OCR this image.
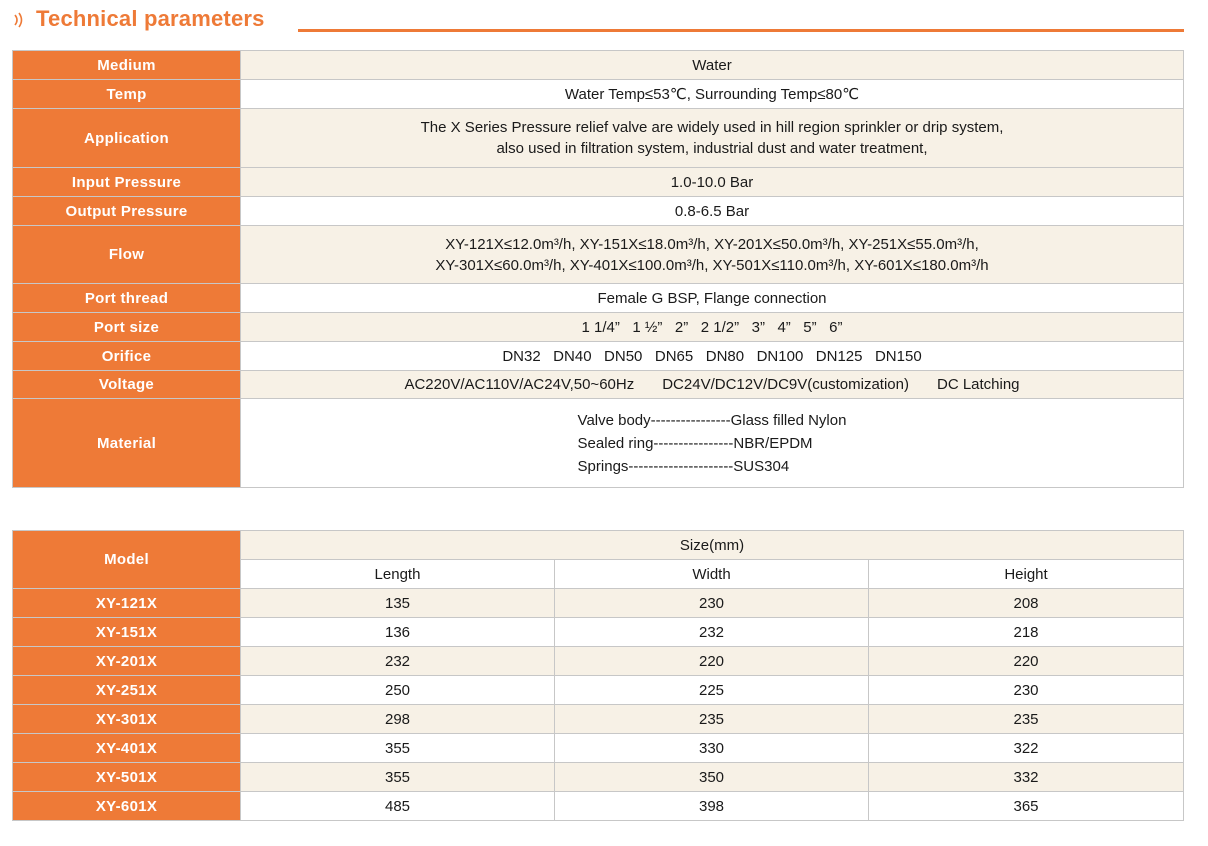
Technical parameters
Medium	Water
Temp	Water Temp≤53℃, Surrounding Temp≤80℃
Application	The X Series Pressure relief valve are widely used in hill region sprinkler or drip system,
also used in filtration system, industrial dust and water treatment,

Input Pressure	1.0-10.0 Bar
Output Pressure	0.8-6.5 Bar
Flow	XY-121X≤12.0m³/h, XY-151X≤18.0m³/h, XY-201X≤50.0m³/h, XY-251X≤55.0m³/h,
XY-301X≤60.0m³/h, XY-401X≤100.0m³/h, XY-501X≤110.0m³/h, XY-601X≤180.0m³/h

Port thread	Female G BSP, Flange connection
Port size	1 1/4”   1 ½”   2”   2 1/2”   3”   4”   5”   6”
Orifice	DN32   DN40   DN50   DN65   DN80   DN100   DN125   DN150
Voltage	AC220V/AC110V/AC24V,50~60Hz DC24V/DC12V/DC9V(customization) DC Latching
Material	Valve body----------------Glass filled Nylon
Sealed ring----------------NBR/EPDM
Springs---------------------SUS304
Model	Size(mm)		
	Length	Width	Height
XY-121X	135	230	208
XY-151X	136	232	218
XY-201X	232	220	220
XY-251X	250	225	230
XY-301X	298	235	235
XY-401X	355	330	322
XY-501X	355	350	332
XY-601X	485	398	365
